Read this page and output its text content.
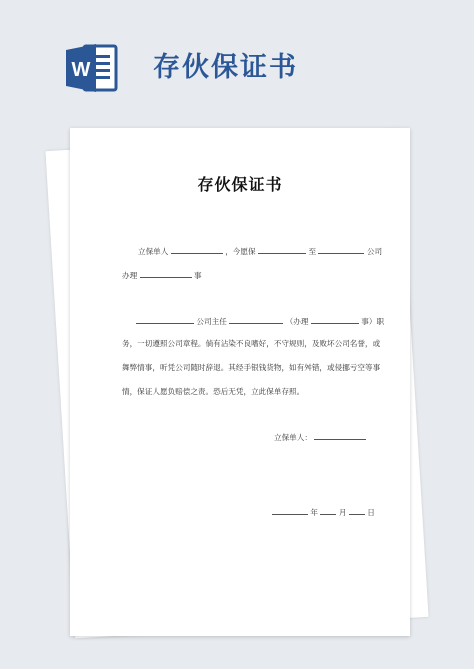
W 存伙保证书
存伙保证书
立保单人	，今愿保	至	公司
办理	事
公司主任	（办理	事）职
务，一切遵照公司章程。倘有沾染不良嗜好，不守规则，及败坏公司名誉，或
舞弊情事，听凭公司随时辞退。其经手银钱货物，如有舛错，或侵挪亏空等事
情，保证人愿负赔偿之责。恐后无凭，立此保单存照。
立保单人：
年	月	日
